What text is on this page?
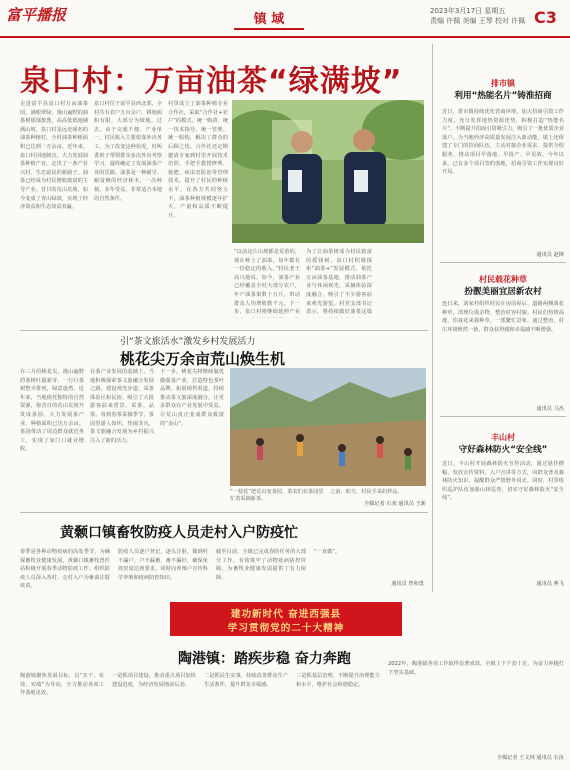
富平播报	镇 域
2023年3月17日 星期五
责编 许佩 美编 王琴 校对 许佩 C3
泉口村：万亩油茶“绿满坡”
走进富平县泉口村万亩油茶园，满眼翠绿，漫山遍野的油茶树郁郁葱葱，高高低低地铺满山坡。泉口村是远近闻名的油茶种植村，全村油茶种植面积已达到一万余亩。近年来，泉口村因地制宜，大力发展油茶种植产业，走出了一条产业兴村、生态富民的新路子。油茶已经成为村民增收致富的主导产业。昔日的荒山荒坡，如今变成了青山绿坡，实现了经济效益和生态效益双赢。
泉口村位于富平县西北部，全村共有农户五百余户，耕地面积有限，大部分为坡地。过去，由于交通不便、产业单一，村民收入主要依靠外出务工。为了改变这种状况，村两委班子带领群众多次外出考察学习，最终确定了发展油茶产业的思路。油茶是一种耐旱、耐贫瘠的经济林木，一次种植、多年受益，非常适合本地的自然条件。
村里成立了油茶种植专业合作社，采取“合作社+农户”的模式，统一购苗、统一技术指导、统一管理、统一收购，解决了群众的后顾之忧。合作社还定期邀请专家到村里开展技术培训，手把手教授修剪、施肥、病虫害防治等管理技术，提升了村民的种植水平。在各方共同努力下，油茶种植规模逐年扩大，产量和品质不断提升。
“以前这片山坡都是荒着的，现在种上了油茶，每年都有一份稳定的收入。”村民老王高兴地说。如今，油茶产业已经覆盖全村大部分农户，年产油茶果数十万斤，带动群众人均增收数千元。下一步，泉口村将继续延伸产业
为了让油茶树成为村民致富的摇钱树，泉口村积极探索“油茶+”发展模式，依托万亩油茶基地，推动油茶产业与休闲观光、采摘体验深度融合，吸引了不少游客前来观光游览。村党支部书记表示，将持续做好油茶这篇
排市镇
利用“热能名片”铸淮招商
近日，排市镇持续优化营商环境，加大招商引资工作力度，充分发挥地热资源优势，积极打造“热能名片”，不断提升招商引资吸引力，吸引了一批优质企业落户，为当地经济高质量发展注入新动能。镇上还组建了专门的招商队伍，主动对接企业需求，提供全程服务，推动项目早落地、早投产、早见效。今年以来，已有多个项目签约落地，招商引资工作实现良好开局。
通讯员 赵锋
村民载花种草
扮靓美丽宜居新农村
连日来，刘家村组织村民在房前屋后、道路两侧栽花种草，清理垃圾杂物，整治村容村貌。村民们热情高涨，你栽花来我种草，一派繁忙景象。通过整治，村庄环境焕然一新，群众获得感和幸福感不断增强。
通讯员 马杰
丰山村
守好森林防火“安全线”
近日，丰山村开展森林防火宣传活动，通过悬挂横幅、发放宣传资料、入户宣讲等方式，向群众普及森林防火知识，提醒群众严禁野外用火。同时，村里组织巡护队伍加强山林巡查，切实守好森林防火“安全线”。
通讯员 燕飞
引“茶文旅活水”激发乡村发展活力
桃花尖万余亩荒山焕生机
在三月的桃花尖，漫山遍野的茶树吐露新芽，一行行茶树整齐排列，绿意盎然。近年来，当地依托独特的自然资源，将昔日的荒山荒坡开发成茶园，大力发展茶产业，种植面积已达万余亩。茶园带动了周边群众就近务工，实现了家门口就业增收。
在茶产业发展的基础上，当地积极探索茶文旅融合发展之路，建设观光步道、采茶体验区和民宿，吸引了大批游客前来赏景、采茶、品茶。每到春茶采摘季节，茶园里游人如织，热闹非凡，茶文旅融合发展为乡村振兴注入了新的活力。
下一步，桃花尖将继续做优做强茶产业，打造特色茶叶品牌，拓展销售渠道，持续推动茶文旅深度融合，让更多群众在产业发展中受益，让荒山真正变成群众致富的“金山”。
“一枝花”把荒山变茶园，茶农们在茶园里忙着采摘新茶。
之前、助力，村民手采的样品。
全媒记者 石欢 通讯员 王新
黄颡口镇畜牧防疫人员走村入户防疫忙
春季是各种动物疫病的高发季节，为确保畜牧业健康发展，黄颡口镇畜牧兽医站积极开展春季动物防疫工作，组织防疫人员深入各村，走村入户为畜禽注射疫苗。
防疫人员逐户登记、逐头注射，做到村不漏户、户不漏畜、畜不漏针，确保免疫密度达到要求。同时向养殖户宣传科学养殖和疫病防控知识。
截至目前，全镇已完成春防任务的大部分工作，有效筑牢了动物疫病防控屏障，为畜牧业健康发展提供了有力保障。
“一直做”。
通讯员 曾和勇
建功新时代 奋进西强县
学习贯彻党的二十大精神
陶港镇：踏疾步稳 奋力奔跑
陶港镇聚焦发展目标，以“实干、实效、实绩”为导向，全力推动各项工作落地见效。
一是抓项目建设，推动重点项目加快建设进度，为经济发展增添后劲。
二是抓民生实事，持续改善群众生产生活条件，提升群众幸福感。
三是抓基层治理，不断提升治理能力和水平，维护社会和谐稳定。
2022年，陶港镇各项工作取得显著成效，全镇上下干劲十足，为奋力奔跑打下坚实基础。
全媒记者 王文林 通讯员 石汝
